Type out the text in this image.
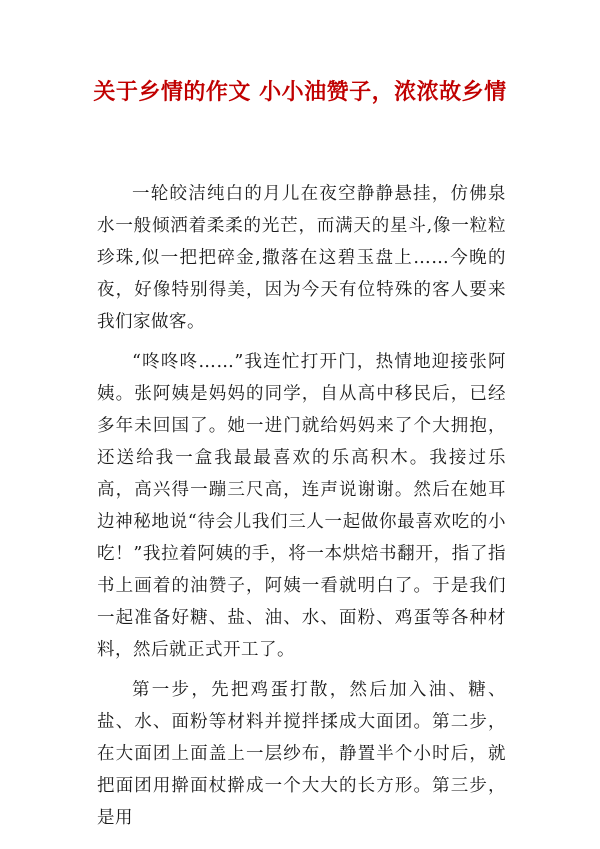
关于乡情的作文 小小油赞子，浓浓故乡情

一轮皎洁纯白的月儿在夜空静静悬挂，仿佛泉水一般倾洒着柔柔的光芒，而满天的星斗,像一粒粒珍珠,似一把把碎金,撒落在这碧玉盘上……今晚的夜，好像特别得美，因为今天有位特殊的客人要来我们家做客。

“咚咚咚……”我连忙打开门，热情地迎接张阿姨。张阿姨是妈妈的同学，自从高中移民后，已经多年未回国了。她一进门就给妈妈来了个大拥抱，还送给我一盒我最最喜欢的乐高积木。我接过乐高，高兴得一蹦三尺高，连声说谢谢。然后在她耳边神秘地说“待会儿我们三人一起做你最喜欢吃的小吃！”我拉着阿姨的手，将一本烘焙书翻开，指了指书上画着的油赞子，阿姨一看就明白了。于是我们一起准备好糖、盐、油、水、面粉、鸡蛋等各种材料，然后就正式开工了。

第一步，先把鸡蛋打散，然后加入油、糖、盐、水、面粉等材料并搅拌揉成大面团。第二步，在大面团上面盖上一层纱布，静置半个小时后，就把面团用擀面杖擀成一个大大的长方形。第三步，是用
